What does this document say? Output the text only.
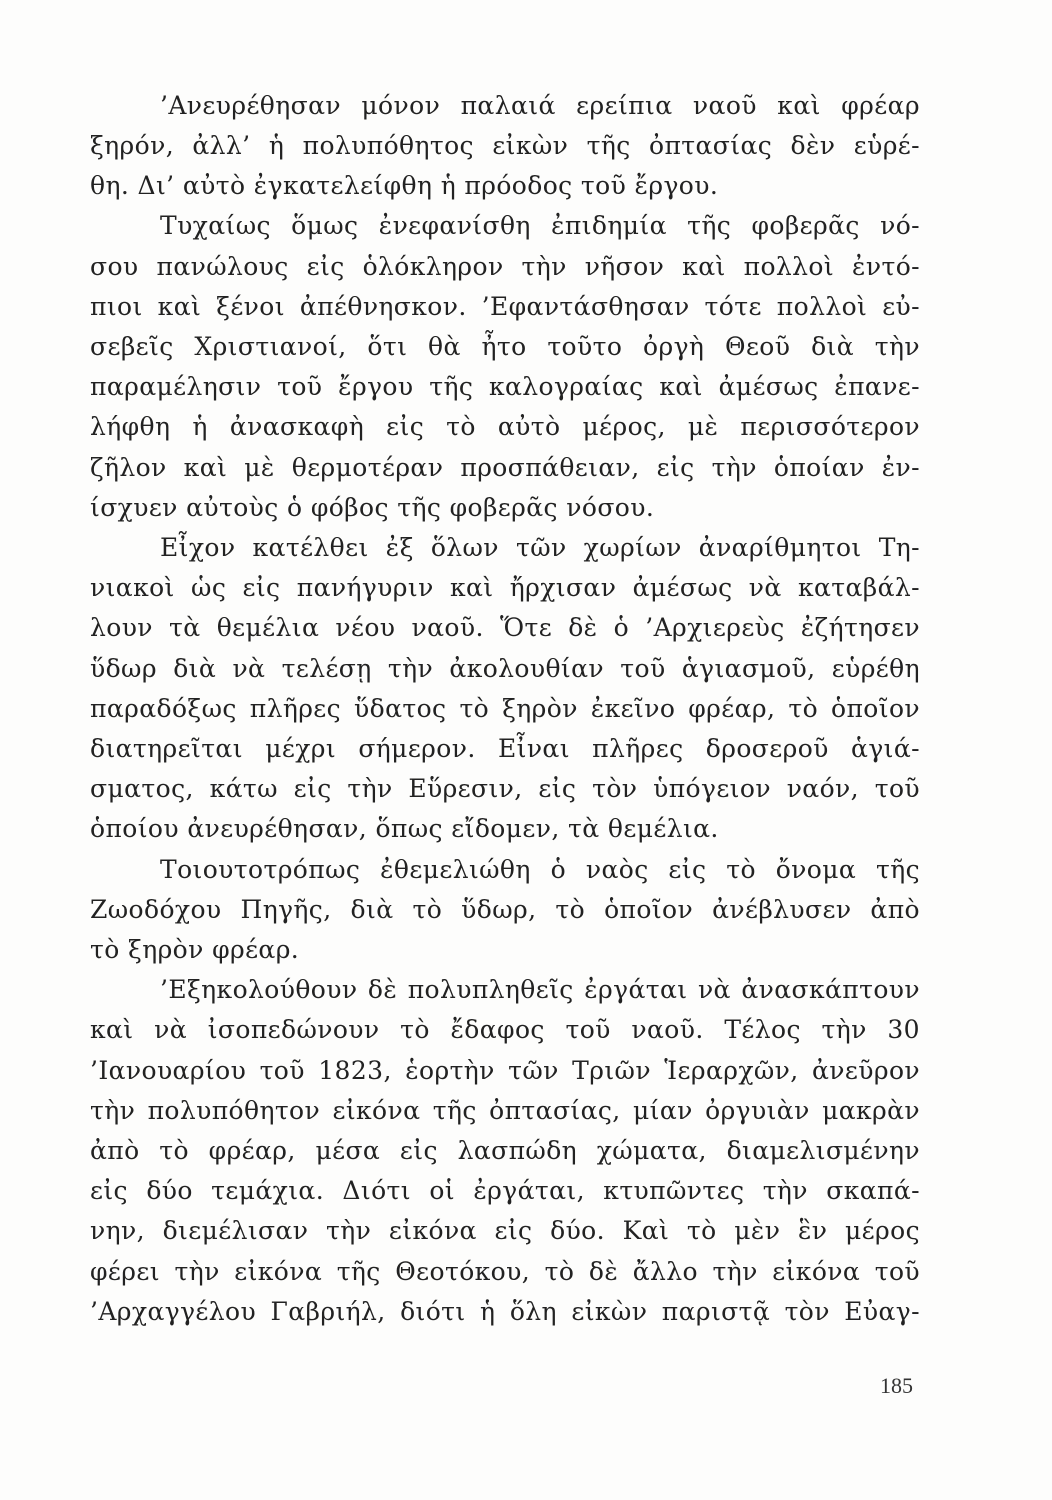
’Ανευρέθησαν μόνον παλαιά ερείπια ναοῦ καὶ φρέαρ
ξηρόν, ἀλλ’ ἡ πολυπόθητος εἰκὼν τῆς ὀπτασίας δὲν εὑρέ-
θη. Δι’ αὐτὸ ἐγκατελείφθη ἡ πρόοδος τοῦ ἔργου.
Τυχαίως ὅμως ἐνεφανίσθη ἐπιδημία τῆς φοβερᾶς νό-
σου πανώλους εἰς ὁλόκληρον τὴν νῆσον καὶ πολλοὶ ἐντό-
πιοι καὶ ξένοι ἀπέθνησκον. ’Εφαντάσθησαν τότε πολλοὶ εὐ-
σεβεῖς Χριστιανοί, ὅτι θὰ ἦτο τοῦτο ὀργὴ Θεοῦ διὰ τὴν
παραμέλησιν τοῦ ἔργου τῆς καλογραίας καὶ ἀμέσως ἐπανε-
λήφθη ἡ ἀνασκαφὴ εἰς τὸ αὐτὸ μέρος, μὲ περισσότερον
ζῆλον καὶ μὲ θερμοτέραν προσπάθειαν, εἰς τὴν ὁποίαν ἐν-
ίσχυεν αὐτοὺς ὁ φόβος τῆς φοβερᾶς νόσου.
Εἶχον κατέλθει ἐξ ὅλων τῶν χωρίων ἀναρίθμητοι Τη-
νιακοὶ ὡς εἰς πανήγυριν καὶ ἤρχισαν ἀμέσως νὰ καταβάλ-
λουν τὰ θεμέλια νέου ναοῦ. Ὅτε δὲ ὁ ’Αρχιερεὺς ἐζήτησεν
ὕδωρ διὰ νὰ τελέσῃ τὴν ἀκολουθίαν τοῦ ἁγιασμοῦ, εὑρέθη
παραδόξως πλῆρες ὕδατος τὸ ξηρὸν ἐκεῖνο φρέαρ, τὸ ὁποῖον
διατηρεῖται μέχρι σήμερον. Εἶναι πλῆρες δροσεροῦ ἁγιά-
σματος, κάτω εἰς τὴν Εὕρεσιν, εἰς τὸν ὑπόγειον ναόν, τοῦ
ὁποίου ἀνευρέθησαν, ὅπως εἴδομεν, τὰ θεμέλια.
Τοιουτοτρόπως ἐθεμελιώθη ὁ ναὸς εἰς τὸ ὄνομα τῆς
Ζωοδόχου Πηγῆς, διὰ τὸ ὕδωρ, τὸ ὁποῖον ἀνέβλυσεν ἀπὸ
τὸ ξηρὸν φρέαρ.
’Εξηκολούθουν δὲ πολυπληθεῖς ἐργάται νὰ ἀνασκάπτουν
καὶ νὰ ἰσοπεδώνουν τὸ ἔδαφος τοῦ ναοῦ. Τέλος τὴν 30
’Ιανουαρίου τοῦ 1823, ἑορτὴν τῶν Τριῶν Ἱεραρχῶν, ἀνεῦρον
τὴν πολυπόθητον εἰκόνα τῆς ὀπτασίας, μίαν ὀργυιὰν μακρὰν
ἀπὸ τὸ φρέαρ, μέσα εἰς λασπώδη χώματα, διαμελισμένην
εἰς δύο τεμάχια. Διότι οἱ ἐργάται, κτυπῶντες τὴν σκαπά-
νην, διεμέλισαν τὴν εἰκόνα εἰς δύο. Καὶ τὸ μὲν ἓν μέρος
φέρει τὴν εἰκόνα τῆς Θεοτόκου, τὸ δὲ ἄλλο τὴν εἰκόνα τοῦ
’Αρχαγγέλου Γαβριήλ, διότι ἡ ὅλη εἰκὼν παριστᾷ τὸν Εὐαγ-
185
